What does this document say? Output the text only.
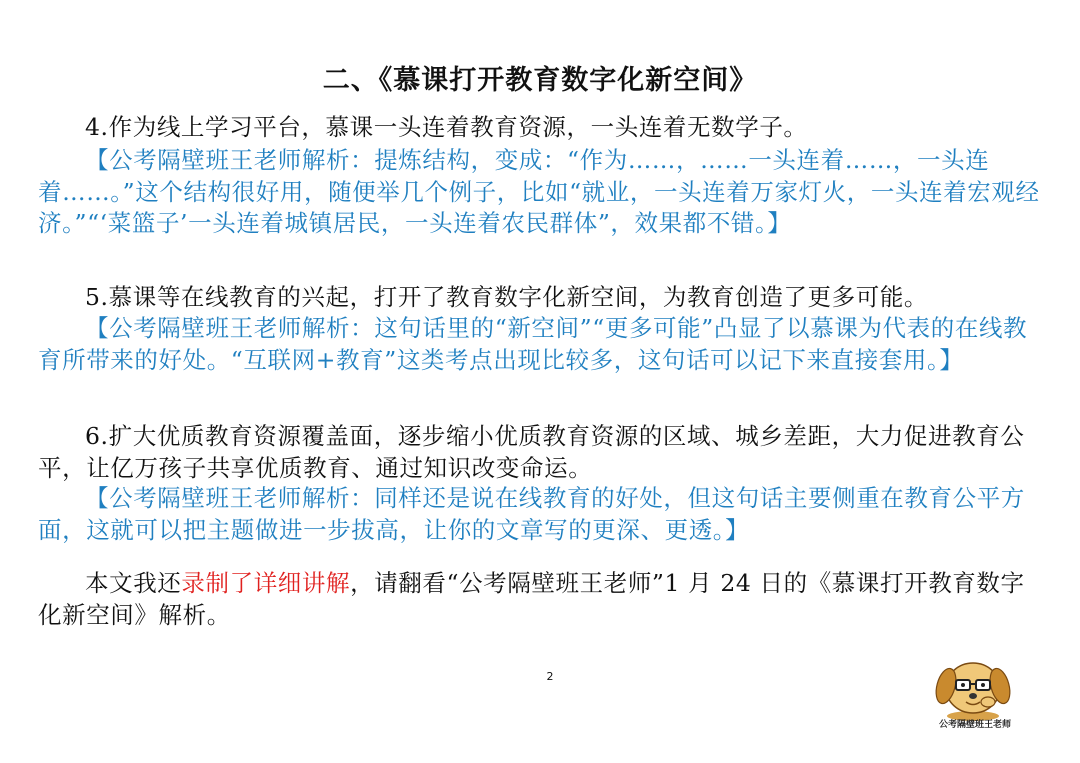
二、《慕课打开教育数字化新空间》

4.作为线上学习平台，慕课一头连着教育资源，一头连着无数学子。

【公考隔壁班王老师解析：提炼结构，变成：“作为……，……一头连着……，一头连着……。”这个结构很好用，随便举几个例子，比如“就业，一头连着万家灯火，一头连着宏观经济。”“‘菜篮子’一头连着城镇居民，一头连着农民群体”，效果都不错。】

5.慕课等在线教育的兴起，打开了教育数字化新空间，为教育创造了更多可能。

【公考隔壁班王老师解析：这句话里的“新空间”“更多可能”凸显了以慕课为代表的在线教育所带来的好处。“互联网+教育”这类考点出现比较多，这句话可以记下来直接套用。】

6.扩大优质教育资源覆盖面，逐步缩小优质教育资源的区域、城乡差距，大力促进教育公平，让亿万孩子共享优质教育、通过知识改变命运。

【公考隔壁班王老师解析：同样还是说在线教育的好处，但这句话主要侧重在教育公平方面，这就可以把主题做进一步拔高，让你的文章写的更深、更透。】

本文我还录制了详细讲解，请翻看“公考隔壁班王老师”1 月 24 日的《慕课打开教育数字化新空间》解析。

2
公考隔壁班王老师
